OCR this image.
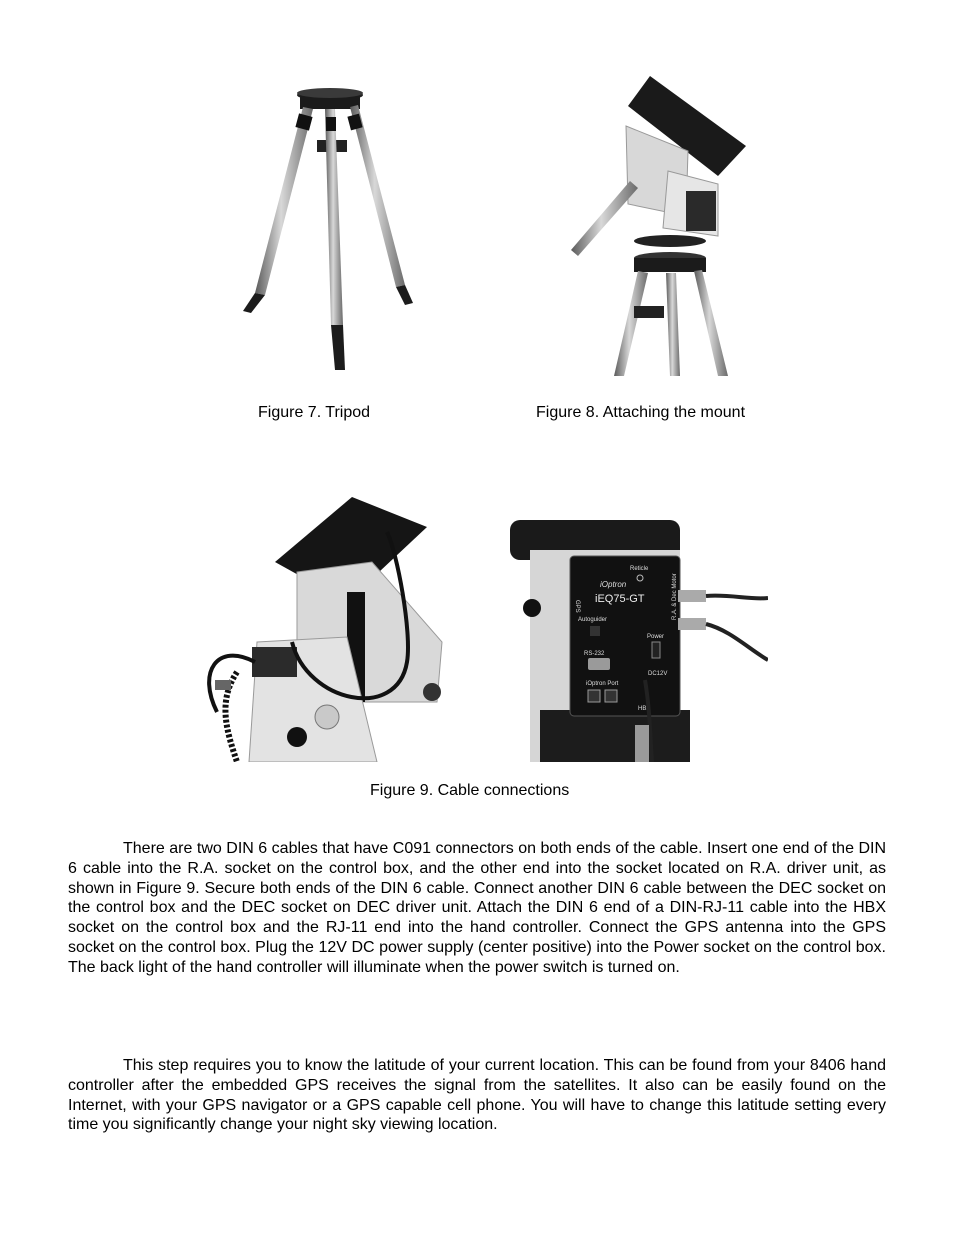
Figure 7. Tripod	Figure 8. Attaching the mount
iOptron
iEQ75-GT
Reticle
GPS
Autoguider
RS-232
iOptron Port
Power
DC12V
HBX
R.A. & Dec Motor
Figure 9. Cable connections

There are two DIN 6 cables that have C091 connectors on both ends of the cable. Insert one end of the DIN 6 cable into the R.A. socket on the control box, and the other end into the socket located on R.A. driver unit, as shown in Figure 9. Secure both ends of the DIN 6 cable. Connect another DIN 6 cable between the DEC socket on the control box and the DEC socket on DEC driver unit. Attach the DIN 6 end of a DIN-RJ-11 cable into the HBX socket on the control box and the RJ-11 end into the hand controller. Connect the GPS antenna into the GPS socket on the control box. Plug the 12V DC power supply (center positive) into the Power socket on the control box. The back light of the hand controller will illuminate when the power switch is turned on.

This step requires you to know the latitude of your current location. This can be found from your 8406 hand controller after the embedded GPS receives the signal from the satellites. It also can be easily found on the Internet, with your GPS navigator or a GPS capable cell phone. You will have to change this latitude setting every time you significantly change your night sky viewing location.
